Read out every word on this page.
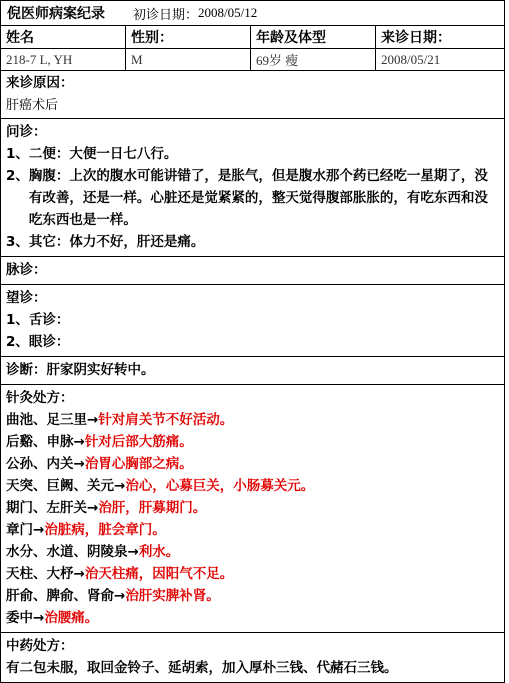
倪医师病案纪录 初诊日期： 2008/05/12
姓名	性别：	年龄及体型	来诊日期：
218-7 L, YH	M	69岁 瘦	2008/05/21
来诊原因：
肝癌术后
问诊：
1、 二便：大便一日七八行。
2、 胸腹：上次的腹水可能讲错了，是胀气，但是腹水那个药已经吃一星期了，没有改善，还是一样。心脏还是觉紧紧的，整天觉得腹部胀胀的，有吃东西和没吃东西也是一样。
3、 其它：体力不好，肝还是痛。
脉诊：
望诊：
1、 舌诊：
2、 眼诊：
诊断：肝家阴实好转中。
针灸处方：
曲池、足三里→针对肩关节不好活动。
后谿、申脉→针对后部大筋痛。
公孙、内关→治胃心胸部之病。
天突、巨阙、关元→治心，心募巨关，小肠募关元。
期门、左肝关→治肝，肝募期门。
章门→治脏病，脏会章门。
水分、水道、阴陵泉→利水。
天柱、大杼→治天柱痛，因阳气不足。
肝俞、脾俞、肾俞→治肝实脾补肾。
委中→治腰痛。
中药处方：
有二包未服，取回金铃子、延胡索，加入厚朴三钱、代赭石三钱。
